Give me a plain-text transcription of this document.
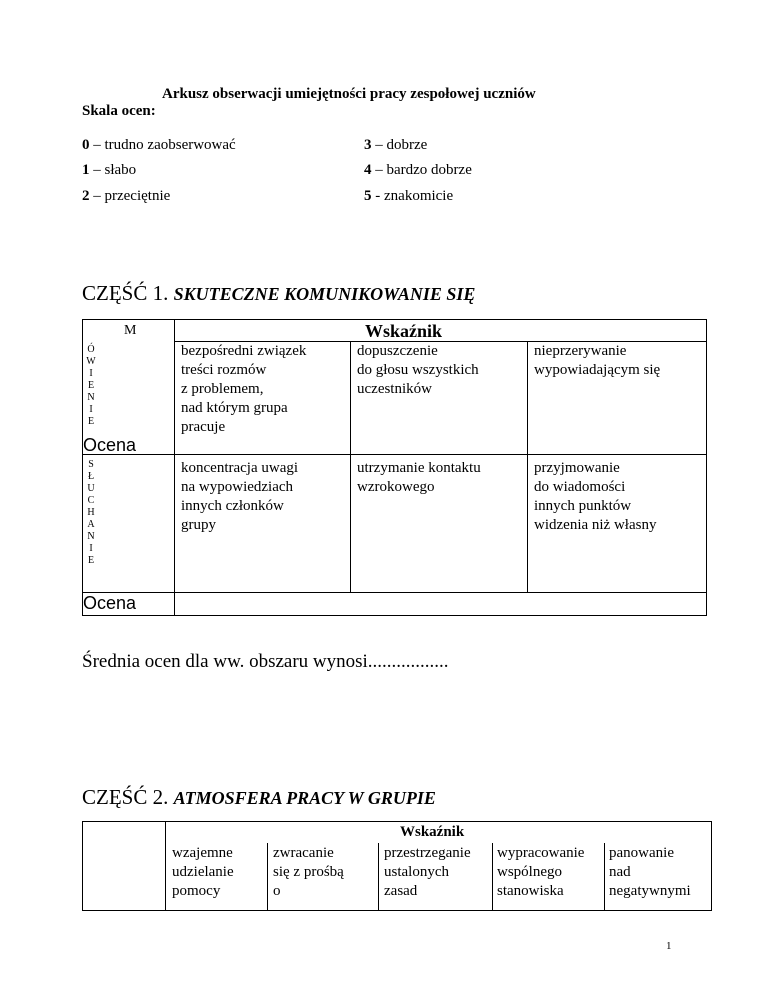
Arkusz obserwacji umiejętności pracy zespołowej uczniów
Skala ocen:
0 – trudno zaobserwować
1 – słabo
2 – przeciętnie
3 – dobrze
4 – bardzo dobrze
5 - znakomicie
CZĘŚĆ 1. SKUTECZNE KOMUNIKOWANIE SIĘ
M	Wskaźnik
Ó
W
I
E
N
I
E
bezpośredni związek
treści rozmów
z problemem,
nad którym grupa
pracuje
dopuszczenie
do głosu wszystkich
uczestników
nieprzerywanie
wypowiadającym się
Ocena
S
Ł
U
C
H
A
N
I
E
koncentracja uwagi
na wypowiedziach
innych członków
grupy
utrzymanie kontaktu
wzrokowego
przyjmowanie
do wiadomości
innych punktów
widzenia niż własny
Ocena
Średnia ocen dla ww. obszaru wynosi.................
CZĘŚĆ 2. ATMOSFERA PRACY W GRUPIE
Wskaźnik
wzajemne
udzielanie
pomocy
zwracanie
się z prośbą
o
przestrzeganie
ustalonych
zasad
wypracowanie
wspólnego
stanowiska
panowanie
nad
negatywnymi
1
